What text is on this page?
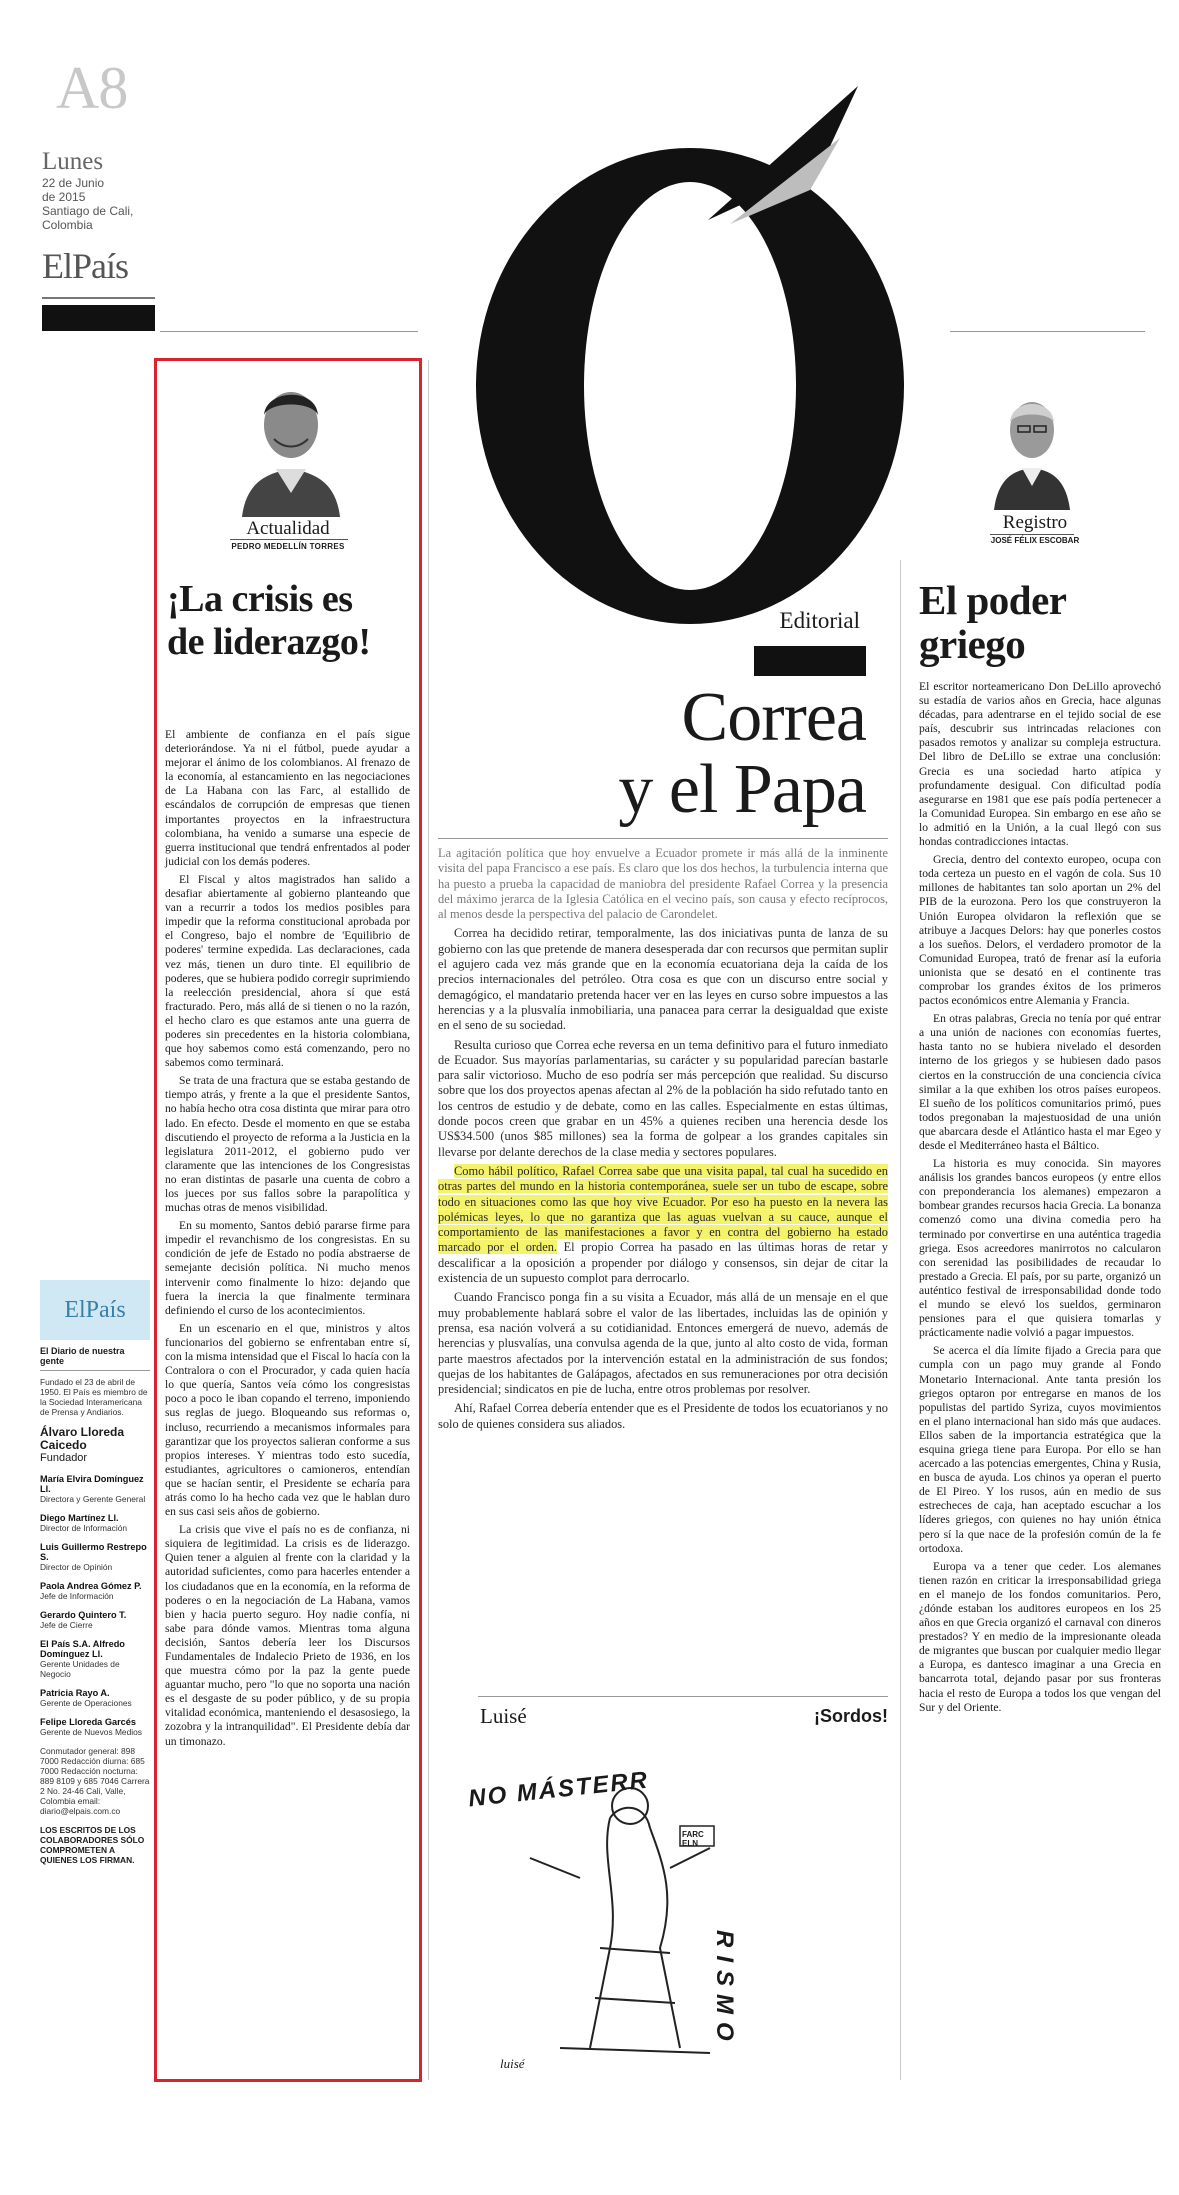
A8
Lunes
22 de Junio
de 2015
Santiago de Cali,
Colombia
ElPaís
Actualidad
PEDRO MEDELLÍN TORRES
¡La crisis es de liderazgo!

El ambiente de confianza en el país sigue deteriorándose. Ya ni el fútbol, puede ayudar a mejorar el ánimo de los colombianos. Al frenazo de la economía, al estancamiento en las negociaciones de La Habana con las Farc, al estallido de escándalos de corrupción de empresas que tienen importantes proyectos en la infraestructura colombiana, ha venido a sumarse una especie de guerra institucional que tendrá enfrentados al poder judicial con los demás poderes.

El Fiscal y altos magistrados han salido a desafiar abiertamente al gobierno planteando que van a recurrir a todos los medios posibles para impedir que la reforma constitucional aprobada por el Congreso, bajo el nombre de 'Equilibrio de poderes' termine expedida. Las declaraciones, cada vez más, tienen un duro tinte. El equilibrio de poderes, que se hubiera podido corregir suprimiendo la reelección presidencial, ahora sí que está fracturado. Pero, más allá de si tienen o no la razón, el hecho claro es que estamos ante una guerra de poderes sin precedentes en la historia colombiana, que hoy sabemos como está comenzando, pero no sabemos como terminará.

Se trata de una fractura que se estaba gestando de tiempo atrás, y frente a la que el presidente Santos, no había hecho otra cosa distinta que mirar para otro lado. En efecto. Desde el momento en que se estaba discutiendo el proyecto de reforma a la Justicia en la legislatura 2011-2012, el gobierno pudo ver claramente que las intenciones de los Congresistas no eran distintas de pasarle una cuenta de cobro a los jueces por sus fallos sobre la parapolítica y muchas otras de menos visibilidad.

En su momento, Santos debió pararse firme para impedir el revanchismo de los congresistas. En su condición de jefe de Estado no podía abstraerse de semejante decisión política. Ni mucho menos intervenir como finalmente lo hizo: dejando que fuera la inercia la que finalmente terminara definiendo el curso de los acontecimientos.

En un escenario en el que, ministros y altos funcionarios del gobierno se enfrentaban entre sí, con la misma intensidad que el Fiscal lo hacía con la Contralora o con el Procurador, y cada quien hacía lo que quería, Santos veía cómo los congresistas poco a poco le iban copando el terreno, imponiendo sus reglas de juego. Bloqueando sus reformas o, incluso, recurriendo a mecanismos informales para garantizar que los proyectos salieran conforme a sus propios intereses. Y mientras todo esto sucedía, estudiantes, agricultores o camioneros, entendían que se hacían sentir, el Presidente se echaría para atrás como lo ha hecho cada vez que le hablan duro en sus casi seis años de gobierno.

La crisis que vive el país no es de confianza, ni siquiera de legitimidad. La crisis es de liderazgo. Quien tener a alguien al frente con la claridad y la autoridad suficientes, como para hacerles entender a los ciudadanos que en la economía, en la reforma de poderes o en la negociación de La Habana, vamos bien y hacia puerto seguro. Hoy nadie confía, ni sabe para dónde vamos. Mientras toma alguna decisión, Santos debería leer los Discursos Fundamentales de Indalecio Prieto de 1936, en los que muestra cómo por la paz la gente puede aguantar mucho, pero "lo que no soporta una nación es el desgaste de su poder público, y de su propia vitalidad económica, manteniendo el desasosiego, la zozobra y la intranquilidad". El Presidente debía dar un timonazo.

ElPaís
El Diario de nuestra gente
Fundado el 23 de abril de 1950. El País es miembro de la Sociedad Interamericana de Prensa y Andiarios.
Álvaro Lloreda Caicedo
Fundador
María Elvira Domínguez Ll.
Directora y Gerente General
Diego Martínez Ll.
Director de Información
Luis Guillermo Restrepo S.
Director de Opinión
Paola Andrea Gómez P.
Jefe de Información
Gerardo Quintero T.
Jefe de Cierre
El País S.A. Alfredo Domínguez Ll.
Gerente Unidades de Negocio
Patricia Rayo A.
Gerente de Operaciones
Felipe Lloreda Garcés
Gerente de Nuevos Medios
Conmutador general: 898 7000 Redacción diurna: 685 7000 Redacción nocturna: 889 8109 y 685 7046 Carrera 2 No. 24-46 Cali, Valle, Colombia email: diario@elpais.com.co
LOS ESCRITOS DE LOS COLABORADORES SÓLO COMPROMETEN A QUIENES LOS FIRMAN.
Editorial
Correa
y el Papa

La agitación política que hoy envuelve a Ecuador promete ir más allá de la inminente visita del papa Francisco a ese país. Es claro que los dos hechos, la turbulencia interna que ha puesto a prueba la capacidad de maniobra del presidente Rafael Correa y la presencia del máximo jerarca de la Iglesia Católica en el vecino país, son causa y efecto recíprocos, al menos desde la perspectiva del palacio de Carondelet.

Correa ha decidido retirar, temporalmente, las dos iniciativas punta de lanza de su gobierno con las que pretende de manera desesperada dar con recursos que permitan suplir el agujero cada vez más grande que en la economía ecuatoriana deja la caída de los precios internacionales del petróleo. Otra cosa es que con un discurso entre social y demagógico, el mandatario pretenda hacer ver en las leyes en curso sobre impuestos a las herencias y a la plusvalía inmobiliaria, una panacea para cerrar la desigualdad que existe en el seno de su sociedad.

Resulta curioso que Correa eche reversa en un tema definitivo para el futuro inmediato de Ecuador. Sus mayorías parlamentarias, su carácter y su popularidad parecían bastarle para salir victorioso. Mucho de eso podría ser más percepción que realidad. Su discurso sobre que los dos proyectos apenas afectan al 2% de la población ha sido refutado tanto en los centros de estudio y de debate, como en las calles. Especialmente en estas últimas, donde pocos creen que grabar en un 45% a quienes reciben una herencia desde los US$34.500 (unos $85 millones) sea la forma de golpear a los grandes capitales sin llevarse por delante derechos de la clase media y sectores populares.

Como hábil político, Rafael Correa sabe que una visita papal, tal cual ha sucedido en otras partes del mundo en la historia contemporánea, suele ser un tubo de escape, sobre todo en situaciones como las que hoy vive Ecuador. Por eso ha puesto en la nevera las polémicas leyes, lo que no garantiza que las aguas vuelvan a su cauce, aunque el comportamiento de las manifestaciones a favor y en contra del gobierno ha estado marcado por el orden. El propio Correa ha pasado en las últimas horas de retar y descalificar a la oposición a propender por diálogo y consensos, sin dejar de citar la existencia de un supuesto complot para derrocarlo.

Cuando Francisco ponga fin a su visita a Ecuador, más allá de un mensaje en el que muy probablemente hablará sobre el valor de las libertades, incluidas las de opinión y prensa, esa nación volverá a su cotidianidad. Entonces emergerá de nuevo, además de herencias y plusvalías, una convulsa agenda de la que, junto al alto costo de vida, forman parte maestros afectados por la intervención estatal en la administración de sus fondos; quejas de los habitantes de Galápagos, afectados en sus remuneraciones por otra decisión presidencial; sindicatos en pie de lucha, entre otros problemas por resolver.

Ahí, Rafael Correa debería entender que es el Presidente de todos los ecuatorianos y no solo de quienes considera sus aliados.

Luisé	¡Sordos!
NO MÁSTERR
FARC ELN
RISMO
luisé
Registro
JOSÉ FÉLIX ESCOBAR
El poder griego

El escritor norteamericano Don DeLillo aprovechó su estadía de varios años en Grecia, hace algunas décadas, para adentrarse en el tejido social de ese país, descubrir sus intrincadas relaciones con pasados remotos y analizar su compleja estructura. Del libro de DeLillo se extrae una conclusión: Grecia es una sociedad harto atípica y profundamente desigual. Con dificultad podía asegurarse en 1981 que ese país podía pertenecer a la Comunidad Europea. Sin embargo en ese año se lo admitió en la Unión, a la cual llegó con sus hondas contradicciones intactas.

Grecia, dentro del contexto europeo, ocupa con toda certeza un puesto en el vagón de cola. Sus 10 millones de habitantes tan solo aportan un 2% del PIB de la eurozona. Pero los que construyeron la Unión Europea olvidaron la reflexión que se atribuye a Jacques Delors: hay que ponerles costos a los sueños. Delors, el verdadero promotor de la Comunidad Europea, trató de frenar así la euforia unionista que se desató en el continente tras comprobar los grandes éxitos de los primeros pactos económicos entre Alemania y Francia.

En otras palabras, Grecia no tenía por qué entrar a una unión de naciones con economías fuertes, hasta tanto no se hubiera nivelado el desorden interno de los griegos y se hubiesen dado pasos ciertos en la construcción de una conciencia cívica similar a la que exhiben los otros países europeos. El sueño de los políticos comunitarios primó, pues todos pregonaban la majestuosidad de una unión que abarcara desde el Atlántico hasta el mar Egeo y desde el Mediterráneo hasta el Báltico.

La historia es muy conocida. Sin mayores análisis los grandes bancos europeos (y entre ellos con preponderancia los alemanes) empezaron a bombear grandes recursos hacia Grecia. La bonanza comenzó como una divina comedia pero ha terminado por convertirse en una auténtica tragedia griega. Esos acreedores manirrotos no calcularon con serenidad las posibilidades de recaudar lo prestado a Grecia. El país, por su parte, organizó un auténtico festival de irresponsabilidad donde todo el mundo se elevó los sueldos, germinaron pensiones para el que quisiera tomarlas y prácticamente nadie volvió a pagar impuestos.

Se acerca el día límite fijado a Grecia para que cumpla con un pago muy grande al Fondo Monetario Internacional. Ante tanta presión los griegos optaron por entregarse en manos de los populistas del partido Syriza, cuyos movimientos en el plano internacional han sido más que audaces. Ellos saben de la importancia estratégica que la esquina griega tiene para Europa. Por ello se han acercado a las potencias emergentes, China y Rusia, en busca de ayuda. Los chinos ya operan el puerto de El Pireo. Y los rusos, aún en medio de sus estrecheces de caja, han aceptado escuchar a los líderes griegos, con quienes no hay unión étnica pero sí la que nace de la profesión común de la fe ortodoxa.

Europa va a tener que ceder. Los alemanes tienen razón en criticar la irresponsabilidad griega en el manejo de los fondos comunitarios. Pero, ¿dónde estaban los auditores europeos en los 25 años en que Grecia organizó el carnaval con dineros prestados? Y en medio de la impresionante oleada de migrantes que buscan por cualquier medio llegar a Europa, es dantesco imaginar a una Grecia en bancarrota total, dejando pasar por sus fronteras hacia el resto de Europa a todos los que vengan del Sur y del Oriente.
